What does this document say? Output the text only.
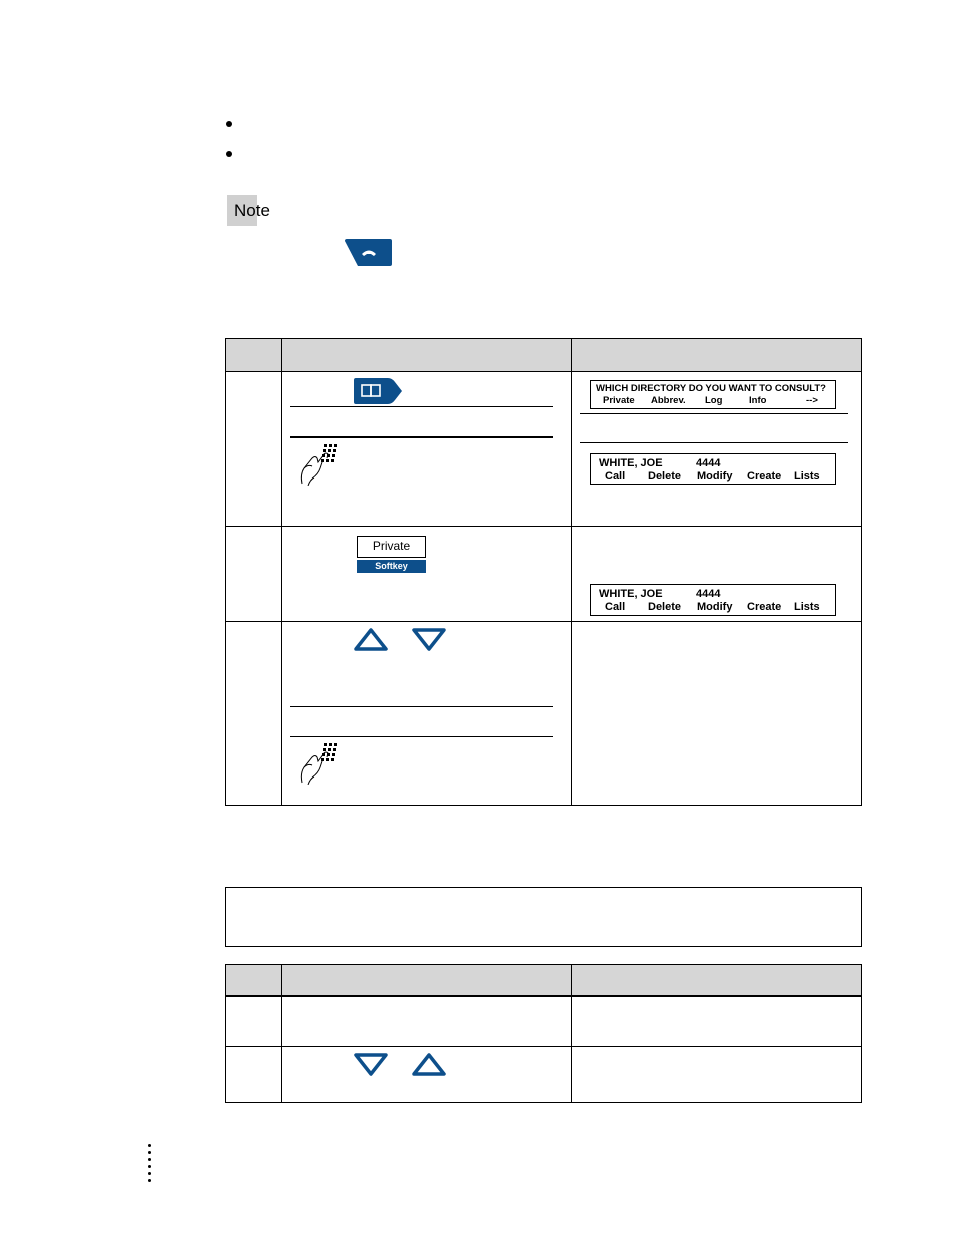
Note
WHICH DIRECTORY DO YOU WANT TO CONSULT?
Private Abbrev. Log	Info	-->
WHITE, JOE	4444
Call Delete Modify Create Lists
Private
Softkey
WHITE, JOE	4444
Call Delete Modify Create Lists
